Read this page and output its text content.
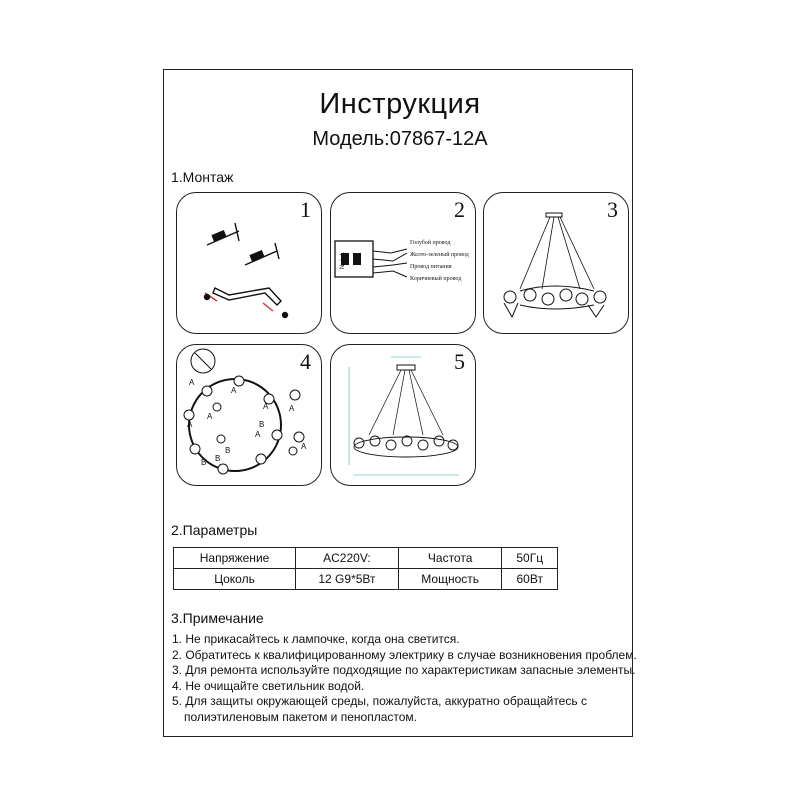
Инструкция
Модель:07867-12A
1.Монтаж
1	2
Голубой провод
Желто-зеленый провод
Провод питания
Коричневый провод
N ⏚ L
3
4
A
A
A
A
A
A
B
B
B
B
A
A
5
2.Параметры
Напряжение	AC220V:	Частота	50Гц
Цоколь	12 G9*5Вт	Мощность	60Вт
3.Примечание
1. Не прикасайтесь к лампочке, когда она светится.
2. Обратитесь к квалифицированному электрику в случае возникновения проблем.
3. Для ремонта используйте подходящие по характеристикам запасные элементы.
4. Не очищайте светильник водой.
5. Для защиты окружающей среды, пожалуйста, аккуратно обращайтесь с
полиэтиленовым пакетом и пенопластом.
